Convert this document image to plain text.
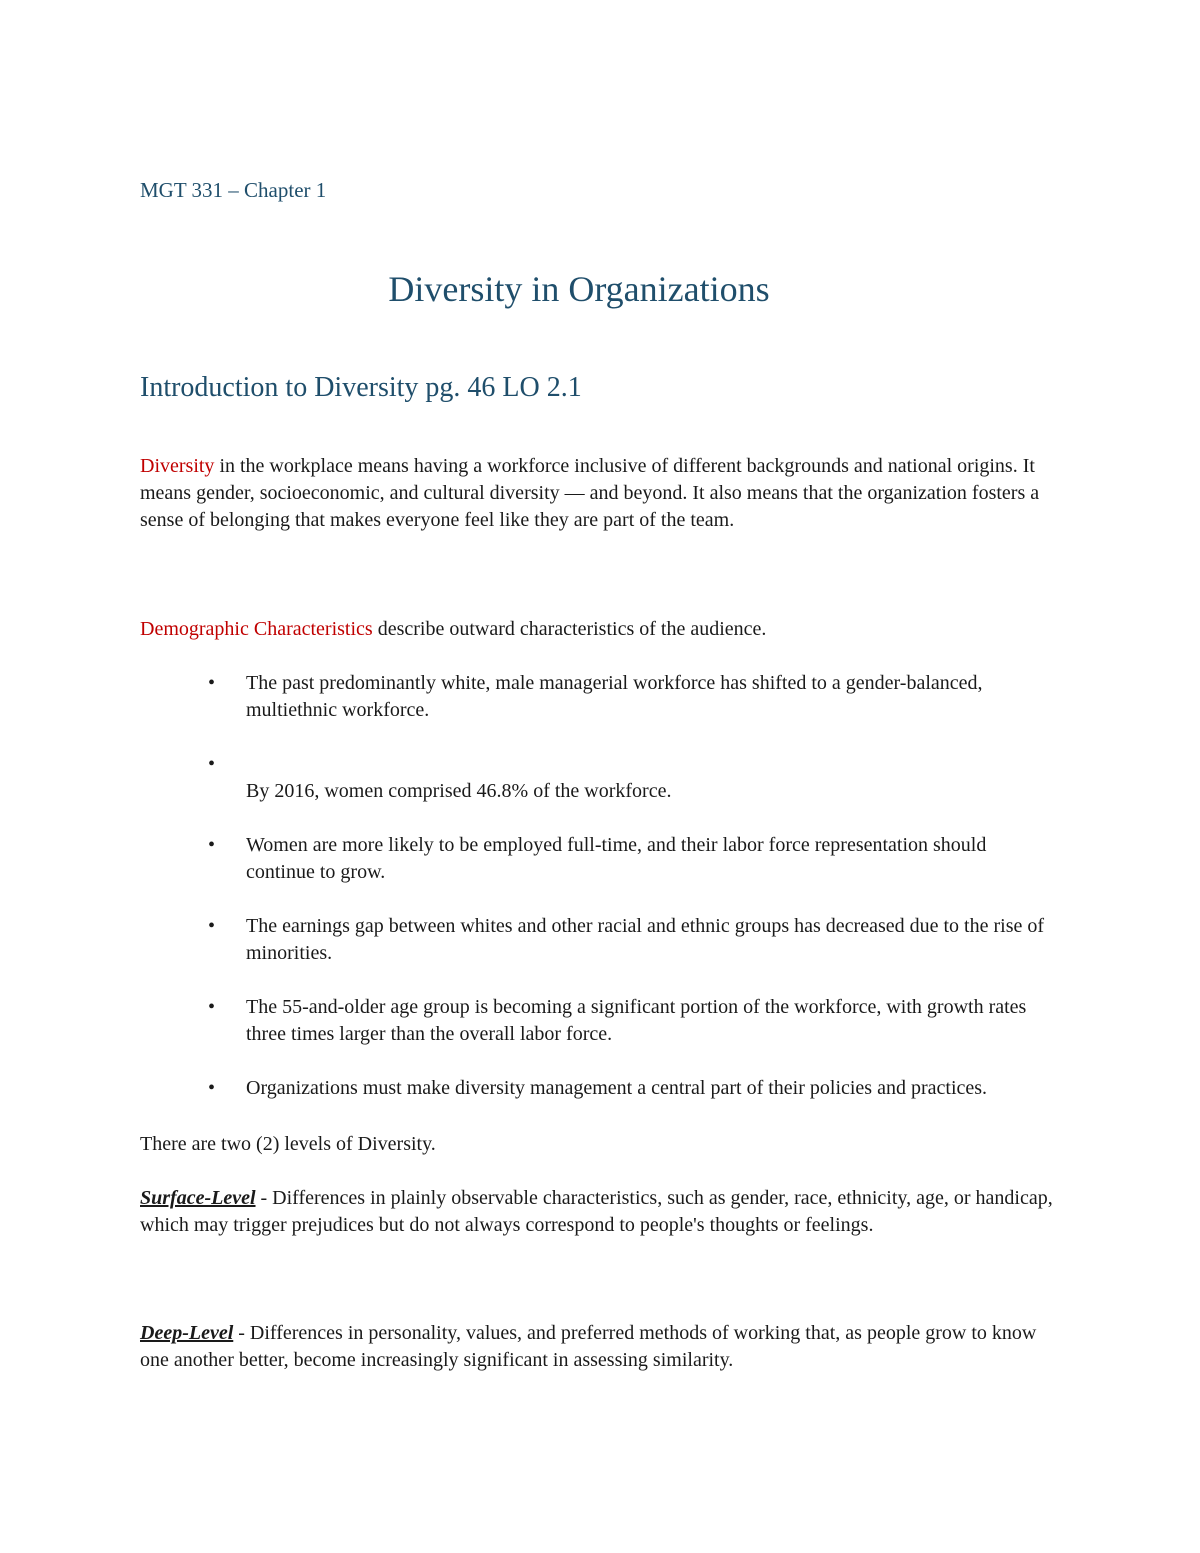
MGT 331 – Chapter 1
Diversity in Organizations
Introduction to Diversity pg. 46 LO 2.1

Diversity in the workplace means having a workforce inclusive of different backgrounds and national origins. It means gender, socioeconomic, and cultural diversity — and beyond. It also means that the organization fosters a sense of belonging that makes everyone feel like they are part of the team.

Demographic Characteristics describe outward characteristics of the audience.

• The past predominantly white, male managerial workforce has shifted to a gender-balanced, multiethnic workforce.
•
By 2016, women comprised 46.8% of the workforce.
• Women are more likely to be employed full-time, and their labor force representation should continue to grow.
• The earnings gap between whites and other racial and ethnic groups has decreased due to the rise of minorities.
• The 55-and-older age group is becoming a significant portion of the workforce, with growth rates three times larger than the overall labor force.
• Organizations must make diversity management a central part of their policies and practices.

There are two (2) levels of Diversity.

Surface-Level - Differences in plainly observable characteristics, such as gender, race, ethnicity, age, or handicap, which may trigger prejudices but do not always correspond to people's thoughts or feelings.

Deep-Level - Differences in personality, values, and preferred methods of working that, as people grow to know one another better, become increasingly significant in assessing similarity.
